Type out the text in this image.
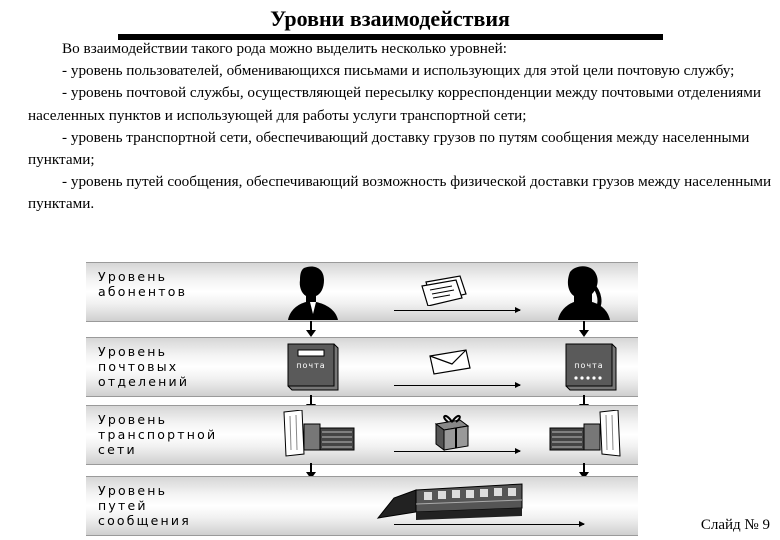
Уровни взаимодействия

Во взаимодействии такого рода можно выделить несколько уровней:

- уровень пользователей, обменивающихся письмами и использующих для этой цели почтовую службу;

- уровень почтовой службы, осуществляющей пересылку корреспонденции между почтовыми отделениями населенных пунктов и использующей для работы услуги транспортной сети;

- уровень транспортной сети, обеспечивающий доставку грузов по путям сообщения между населенными пунктами;

- уровень путей сообщения, обеспечивающий возможность физической доставки грузов между населенными пунктами.

Уровень
абонентов
Уровень
почтовых
отделений
почта	почта
Уровень
транспортной
сети
Уровень
путей
сообщения	Слайд № 9
